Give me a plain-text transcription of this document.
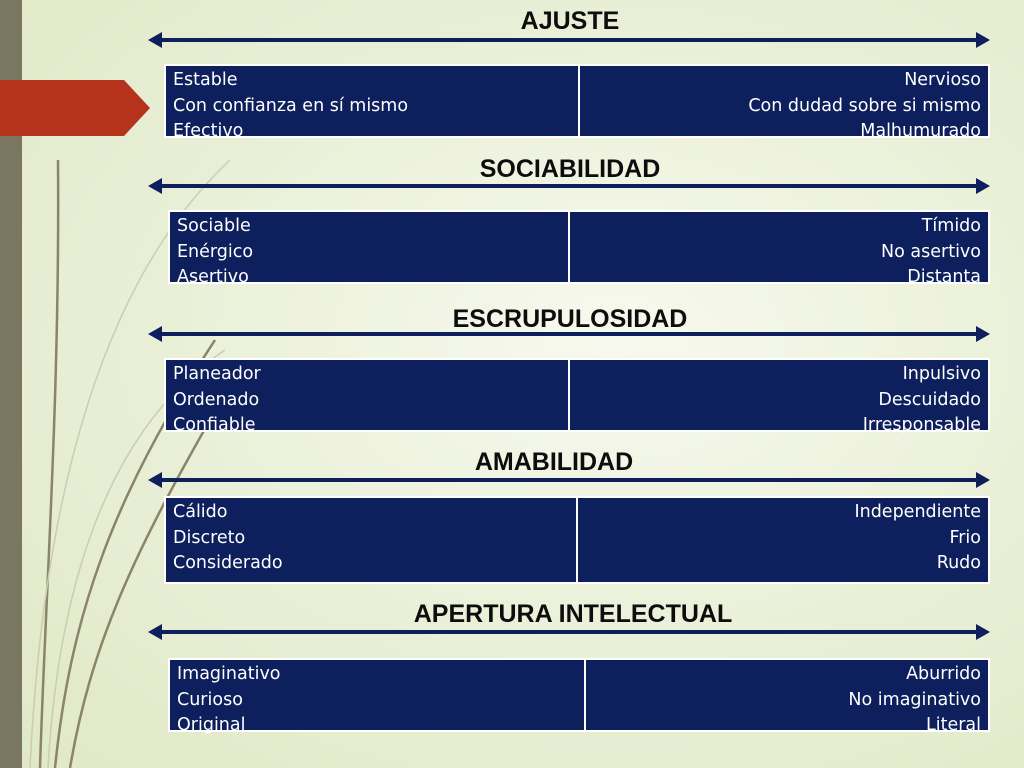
AJUSTE
Estable
Con confianza en sí mismo
Efectivo
Nervioso
Con dudad sobre si mismo
Malhumurado
SOCIABILIDAD
Sociable
Enérgico
Asertivo
Tímido
No asertivo
Distanta
ESCRUPULOSIDAD
Planeador
Ordenado
Confiable
Inpulsivo
Descuidado
Irresponsable
AMABILIDAD
Cálido
Discreto
Considerado
Independiente
Frio
Rudo
APERTURA INTELECTUAL
Imaginativo
Curioso
Original
Aburrido
No imaginativo
Literal
